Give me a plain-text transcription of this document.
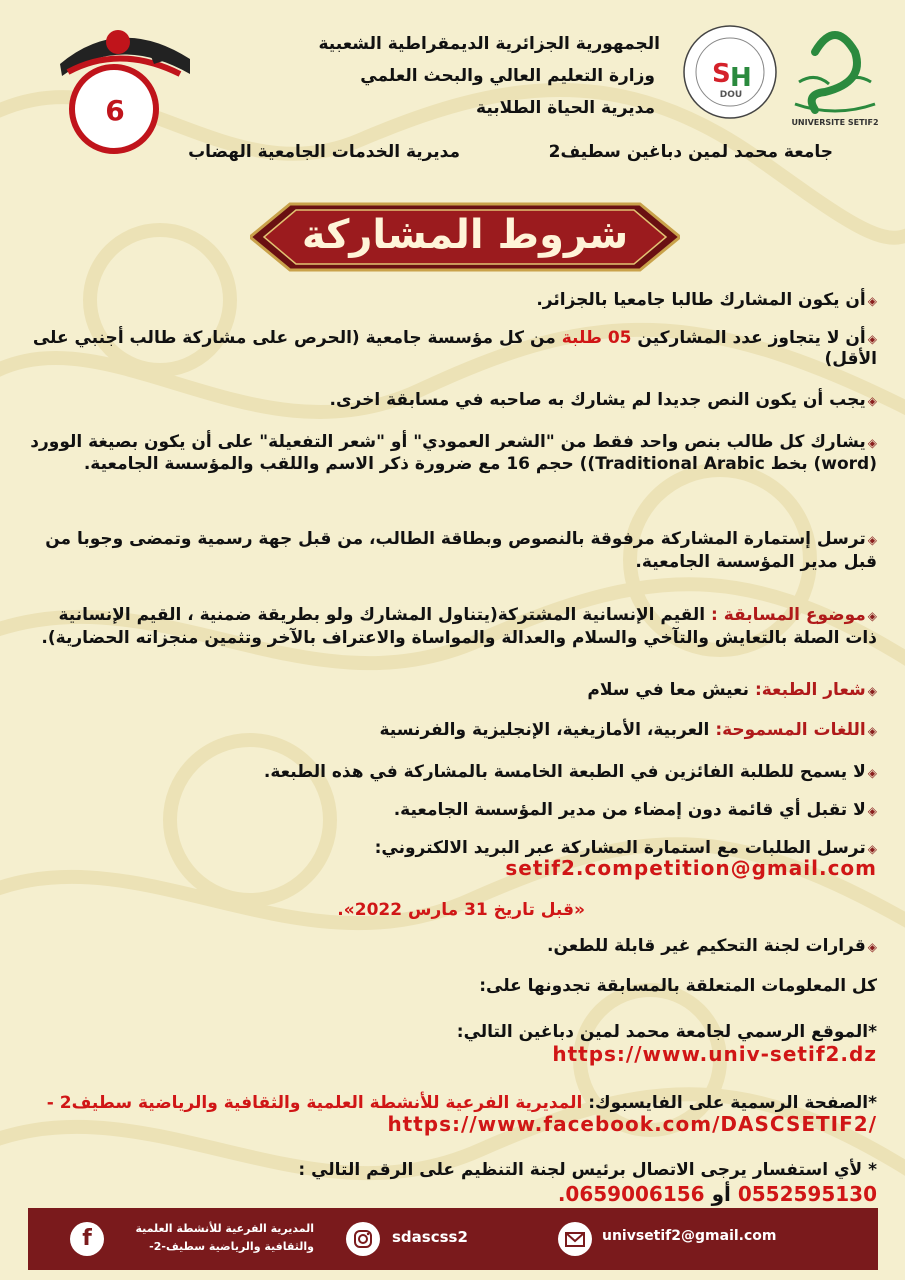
6
S H
DOU
UNIVERSITE SETIF2
الجمهورية الجزائرية الديمقراطية الشعبية
وزارة التعليم العالي والبحث العلمي
مديرية الحياة الطلابية
جامعة محمد لمين دباغين سطيف2
مديرية الخدمات الجامعية الهضاب
شروط المشاركة
◈أن يكون المشارك طالبا جامعيا بالجزائر.
◈أن لا يتجاوز عدد المشاركين 05 طلبة من كل مؤسسة جامعية (الحرص على مشاركة طالب أجنبي على الأقل)
◈يجب أن يكون النص جديدا لم يشارك به صاحبه في مسابقة اخرى.
◈يشارك كل طالب بنص واحد فقط من "الشعر العمودي" أو "شعر التفعيلة" على أن يكون بصيغة الوورد (word) بخط Traditional Arabic)) حجم 16 مع ضرورة ذكر الاسم واللقب والمؤسسة الجامعية.
◈ترسل إستمارة المشاركة مرفوقة بالنصوص وبطاقة الطالب، من قبل جهة رسمية وتمضى وجوبا من قبل مدير المؤسسة الجامعية.
◈موضوع المسابقة : القيم الإنسانية المشتركة(يتناول المشارك ولو بطريقة ضمنية ، القيم الإنسانية ذات الصلة بالتعايش والتآخي والسلام والعدالة والمواساة والاعتراف بالآخر وتثمين منجزاته الحضارية).
◈شعار الطبعة: نعيش معا في سلام
◈اللغات المسموحة: العربية، الأمازيغية، الإنجليزية والفرنسية
◈لا يسمح للطلبة الفائزين في الطبعة الخامسة بالمشاركة في هذه الطبعة.
◈لا تقبل أي قائمة دون إمضاء من مدير المؤسسة الجامعية.
◈ترسل الطلبات مع استمارة المشاركة عبر البريد الالكتروني:
setif2.competition@gmail.com
«قبل تاريخ 31 مارس 2022».
◈قرارات لجنة التحكيم غير قابلة للطعن.
كل المعلومات المتعلقة بالمسابقة تجدونها على:
*الموقع الرسمي لجامعة محمد لمين دباغين التالي:
https://www.univ-setif2.dz
*الصفحة الرسمية على الفايسبوك: المديرية الفرعية للأنشطة العلمية والثقافية والرياضية سطيف2 -
https://www.facebook.com/DASCSETIF2/
* لأي استفسار يرجى الاتصال برئيس لجنة التنظيم على الرقم التالي :
0552595130 أو 0659006156.
f	المديرية الفرعية للأنشطة العلمية
والثقافية والرياضية سطيف-2-
sdascss2	univsetif2@gmail.com
